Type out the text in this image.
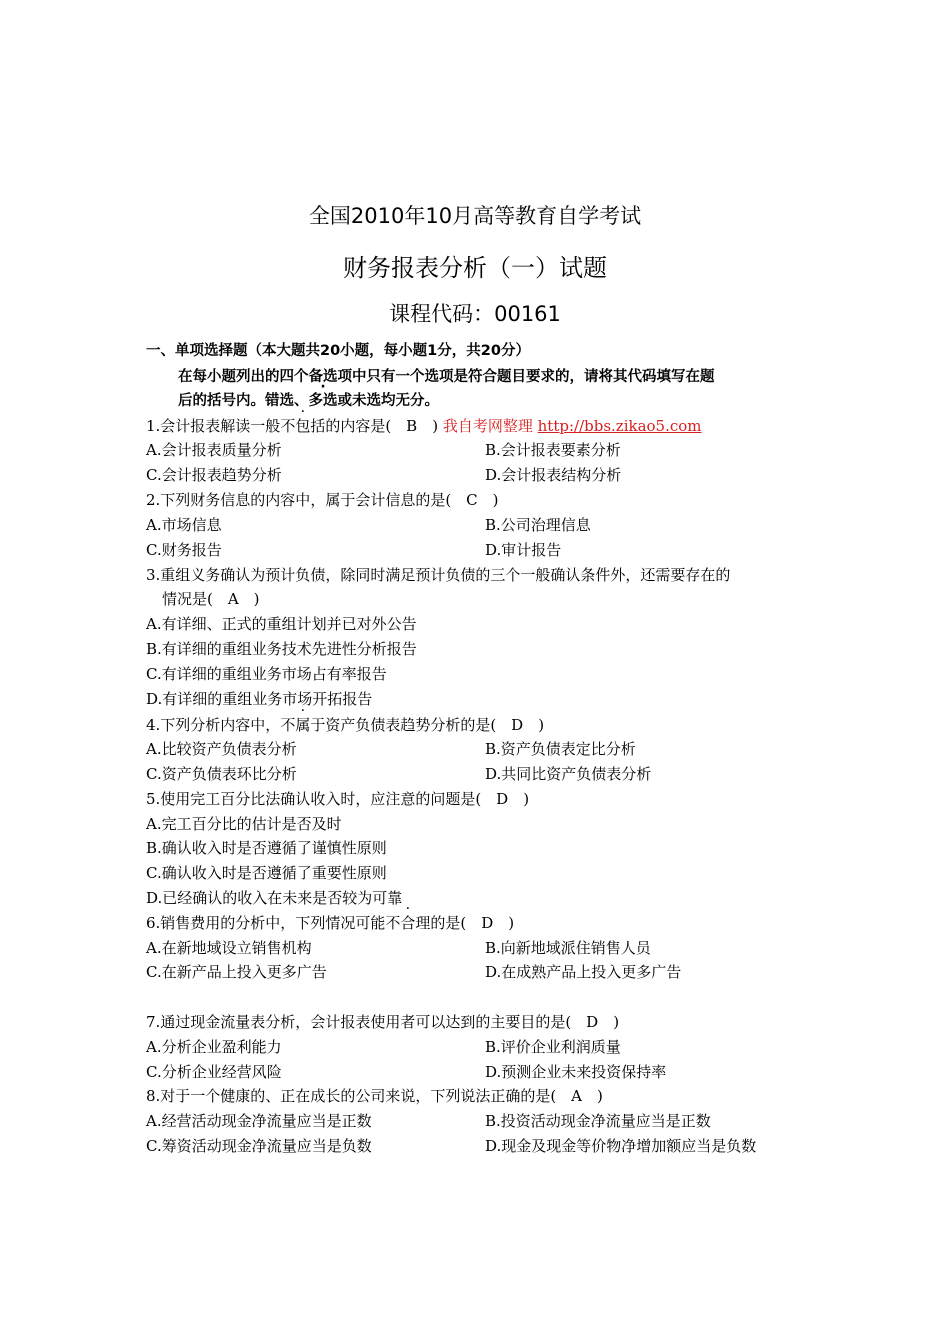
全国2010年10月高等教育自学考试
财务报表分析（一）试题
课程代码：00161
一、单项选择题（本大题共20小题，每小题1分，共20分）
在每小题列出的四个备选项中只有一个选项是符合题目要求的，请将其代码填写在题
后的括号内。· 错选、多选或未选均无分。
1.会计报表解读一般不包括的内容是(　B　) 我自考网整理 http://bbs.zikao5.com
A.会计报表质量分析	B.会计报表要素分析
C.会计报表趋势分析	D.会计报表结构分析
2.下列财务信息的内容中，属于会计信息的是(　C　)
A.市场信息	B.公司治理信息
C.财务报告	D.审计报告
3.重组义务确认为预计负债，除同时满足预计负债的三个一般确认条件外，还需要存在的
情况是(　A　)
A.有详细、正式的重组计划并已对外公告
B.有详细的重组业务技术先进性分析报告
C.有详细的重组业务市场占有率报告
D.有详细的重组业务市场开拓报告
4.下列分析内容中，不属于资产负债表趋势分析的是(　D　)
A.比较资产负债表分析	B.资产负债表定比分析
C.资产负债表环比分析	D.共同比资产负债表分析
5.使用完工百分比法确认收入时，应注意的问题是(　D　)
A.完工百分比的估计是否及时
B.确认收入时是否遵循了谨慎性原则
C.确认收入时是否遵循了重要性原则
D.已经确认的收入在未来是否较为可靠
6.销售费用的分析中，下列情况可能不合理的是(　D　)
A.在新地域设立销售机构	B.向新地域派住销售人员
C.在新产品上投入更多广告	D.在成熟产品上投入更多广告
7.通过现金流量表分析，会计报表使用者可以达到的主要目的是(　D　)
A.分析企业盈利能力	B.评价企业利润质量
C.分析企业经营风险	D.预测企业未来投资保持率
8.对于一个健康的、正在成长的公司来说，下列说法正确的是(　A　)
A.经营活动现金净流量应当是正数	B.投资活动现金净流量应当是正数
C.筹资活动现金净流量应当是负数	D.现金及现金等价物净增加额应当是负数
